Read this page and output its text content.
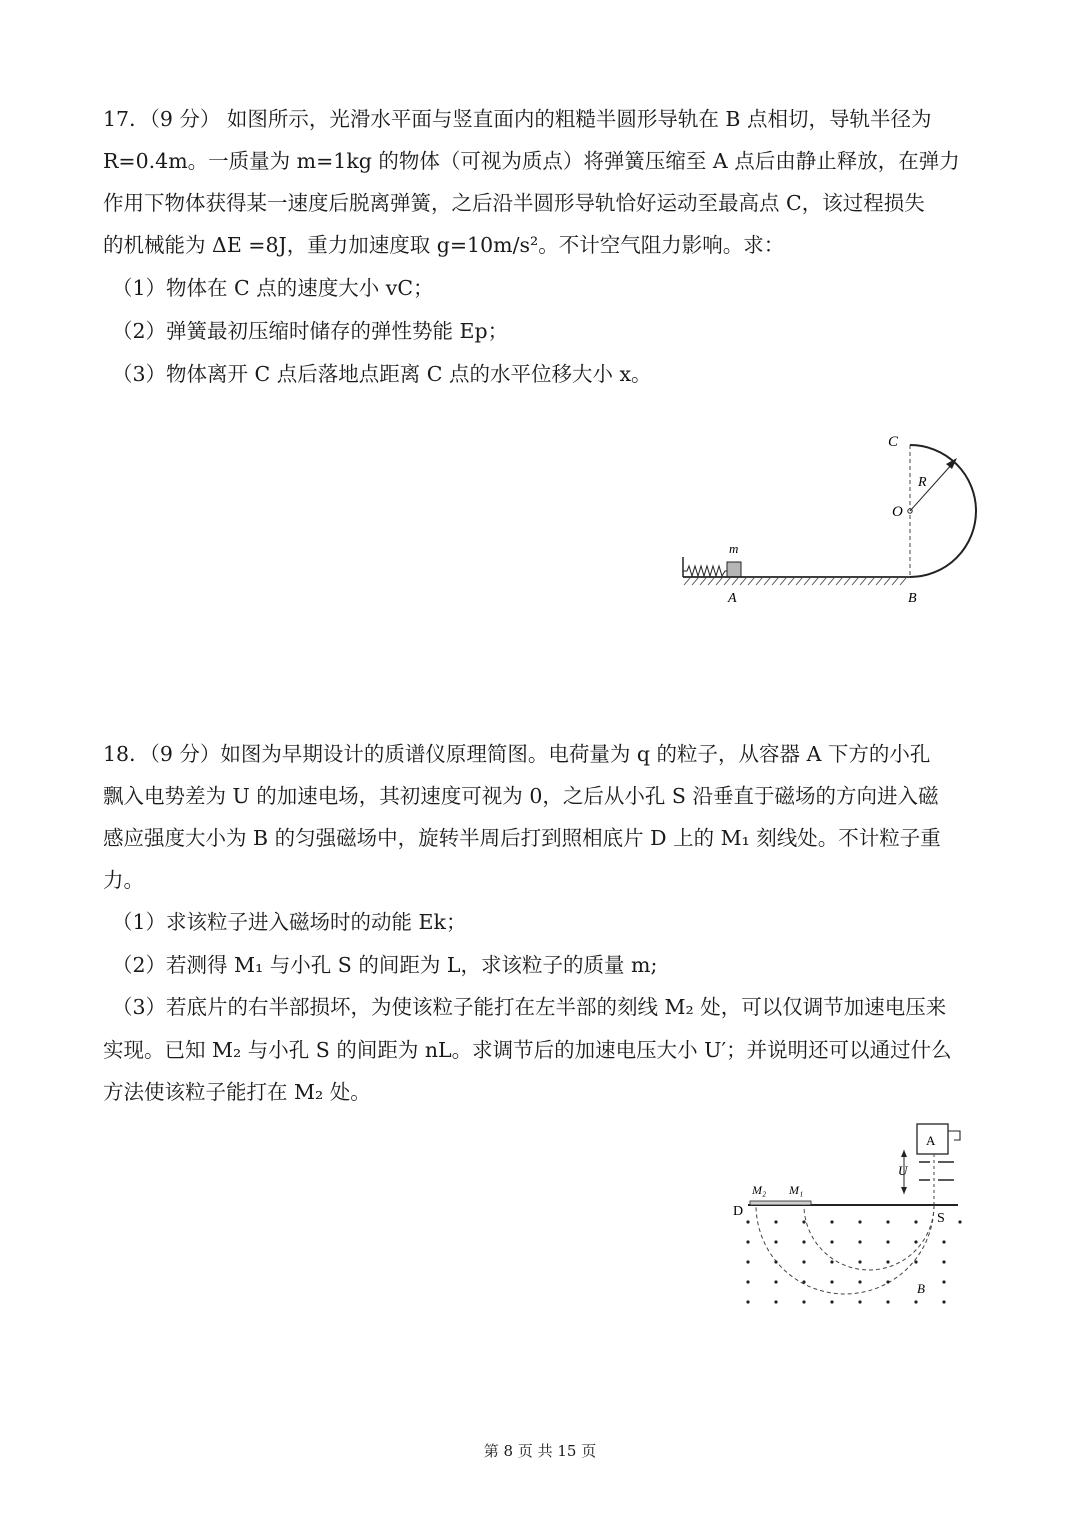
17．（9 分） 如图所示，光滑水平面与竖直面内的粗糙半圆形导轨在 B 点相切，导轨半径为
R=0.4m。一质量为 m=1kg 的物体（可视为质点）将弹簧压缩至 A 点后由静止释放，在弹力
作用下物体获得某一速度后脱离弹簧，之后沿半圆形导轨恰好运动至最高点 C，该过程损失
的机械能为 ΔE =8J，重力加速度取 g=10m/s²。不计空气阻力影响。求：
（1）物体在 C 点的速度大小 vC；
（2）弹簧最初压缩时储存的弹性势能 Ep；
（3）物体离开 C 点后落地点距离 C 点的水平位移大小 x。
C
R
O
m
A	B
18．（9 分）如图为早期设计的质谱仪原理简图。电荷量为 q 的粒子，从容器 A 下方的小孔
飘入电势差为 U 的加速电场，其初速度可视为 0，之后从小孔 S 沿垂直于磁场的方向进入磁
感应强度大小为 B 的匀强磁场中，旋转半周后打到照相底片 D 上的 M₁ 刻线处。不计粒子重
力。
（1）求该粒子进入磁场时的动能 Ek；
（2）若测得 M₁ 与小孔 S 的间距为 L，求该粒子的质量 m;
（3）若底片的右半部损坏，为使该粒子能打在左半部的刻线 M₂ 处，可以仅调节加速电压来
实现。已知 M₂ 与小孔 S 的间距为 nL。求调节后的加速电压大小 U′；并说明还可以通过什么
方法使该粒子能打在 M₂ 处。
A
U
D
M₂ M₁
S
B
第 8 页 共 15 页
